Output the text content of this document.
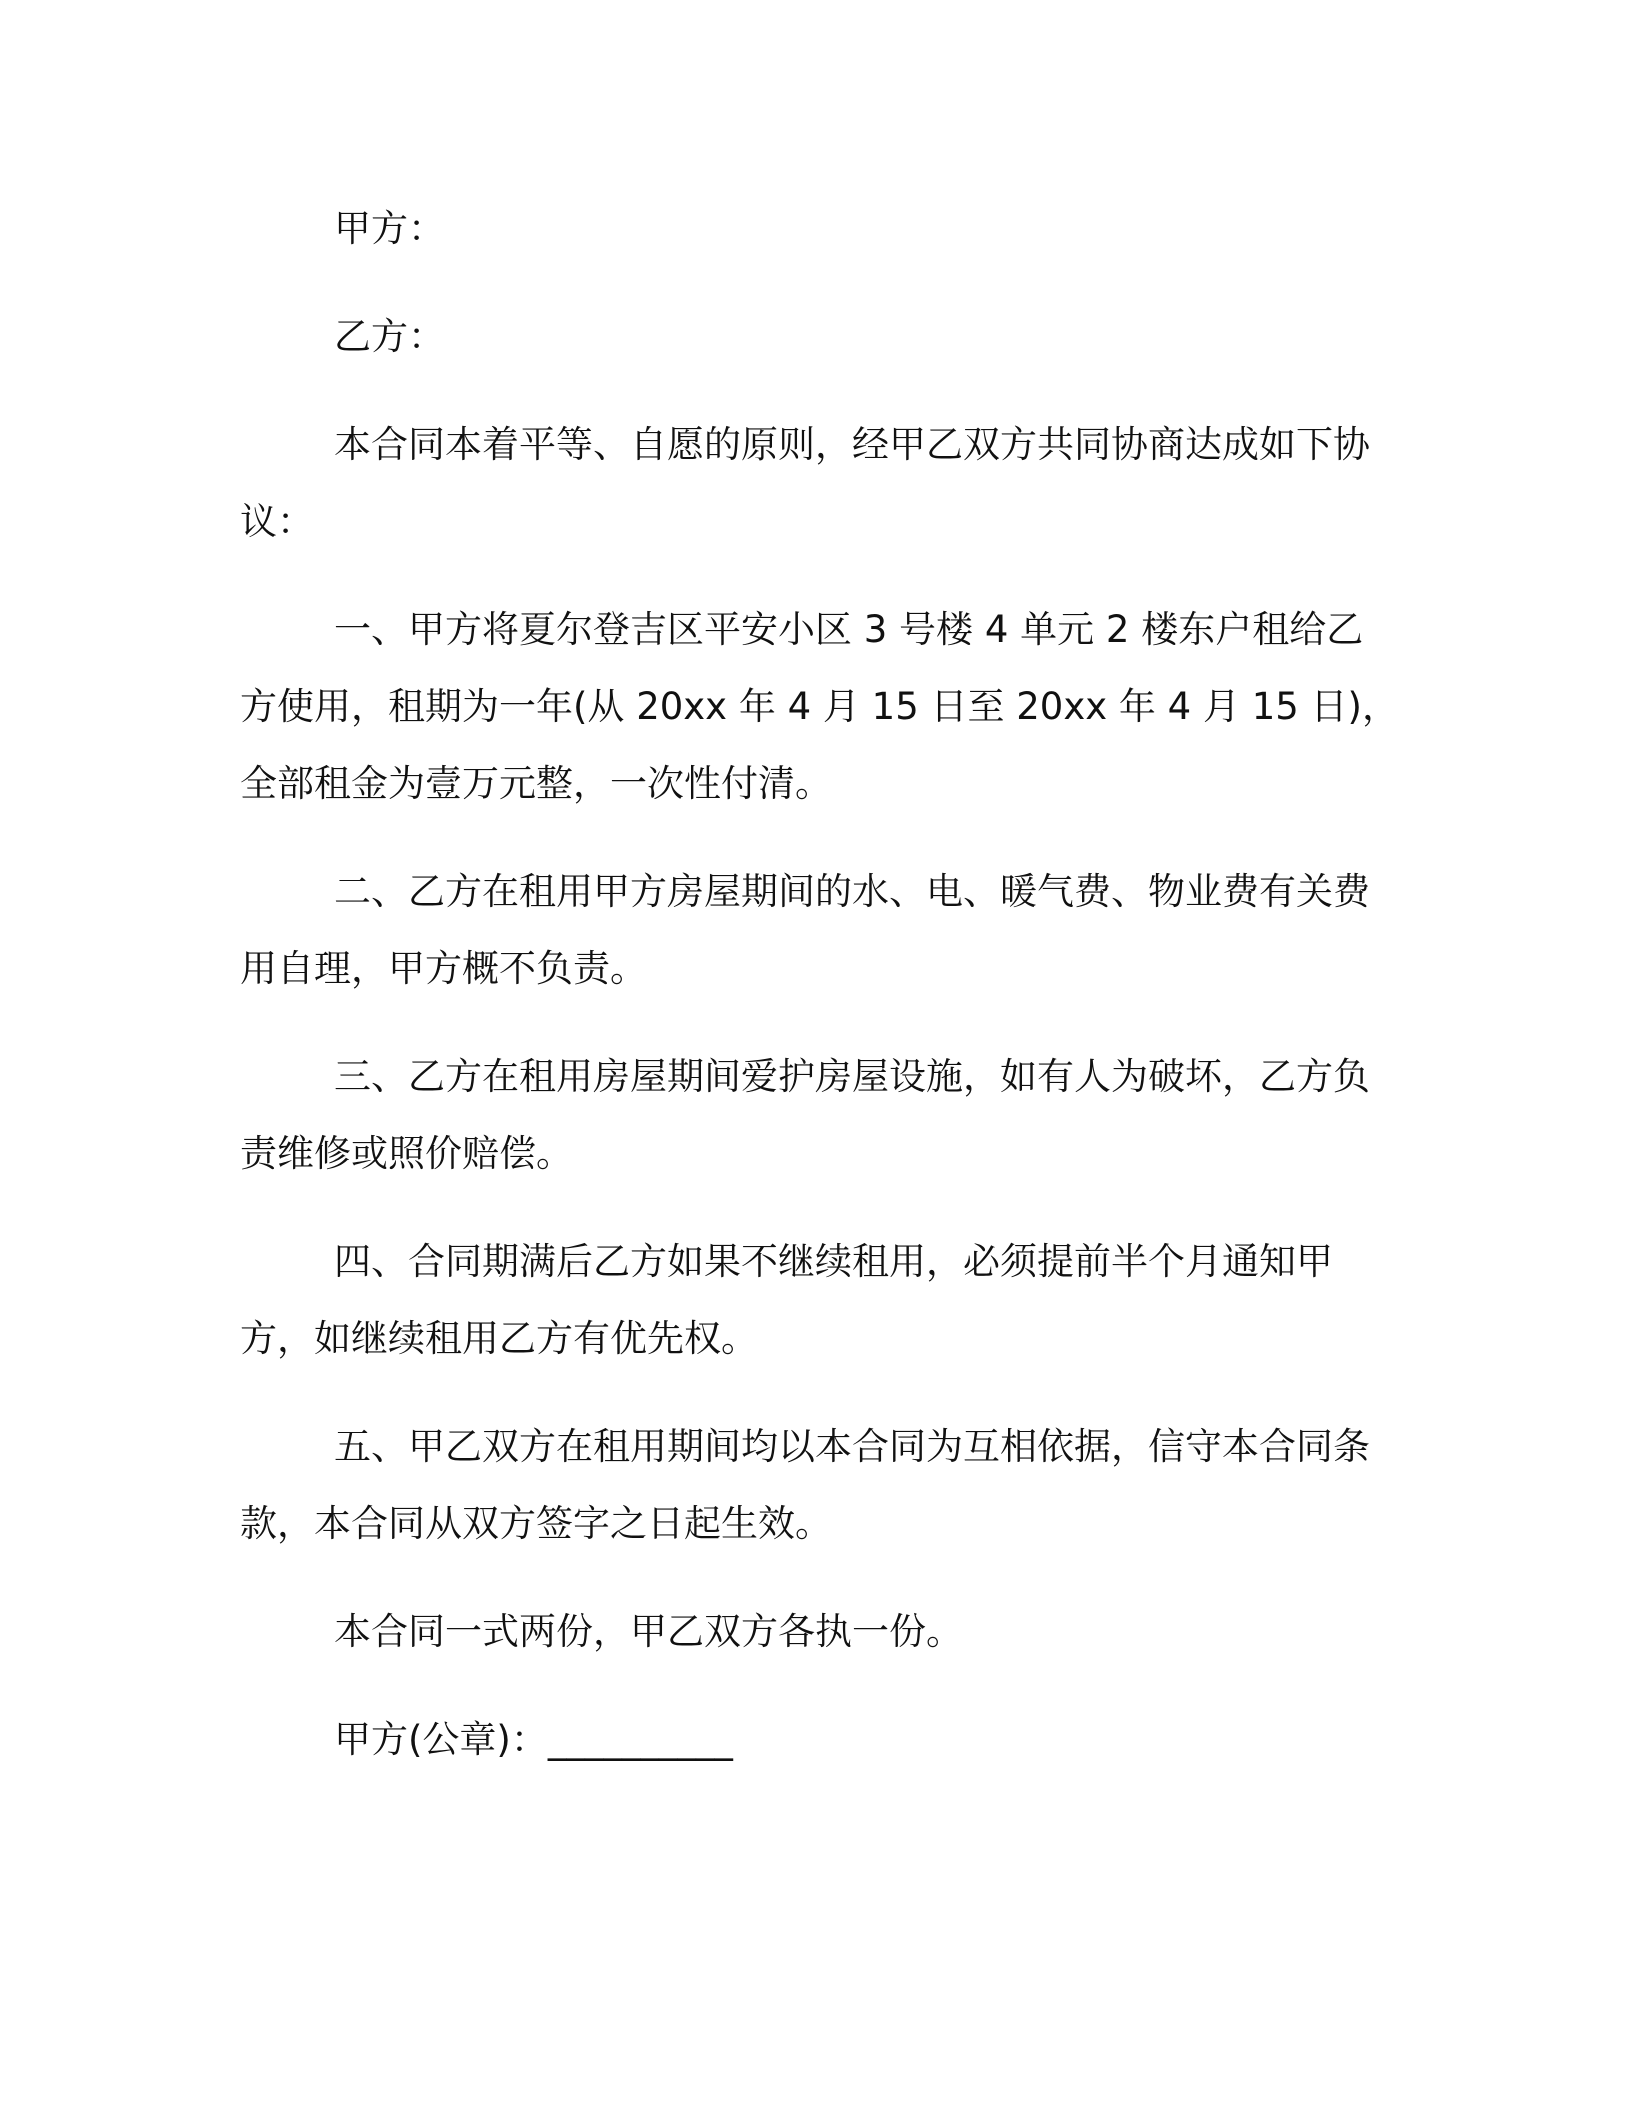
甲方：

乙方：

本合同本着平等、自愿的原则，经甲乙双方共同协商达成如下协议：

一、甲方将夏尔登吉区平安小区 3 号楼 4 单元 2 楼东户租给乙方使用，租期为一年(从 20xx 年 4 月 15 日至 20xx 年 4 月 15 日)，全部租金为壹万元整，一次性付清。

二、乙方在租用甲方房屋期间的水、电、暖气费、物业费有关费用自理，甲方概不负责。

三、乙方在租用房屋期间爱护房屋设施，如有人为破坏，乙方负责维修或照价赔偿。

四、合同期满后乙方如果不继续租用，必须提前半个月通知甲方，如继续租用乙方有优先权。

五、甲乙双方在租用期间均以本合同为互相依据，信守本合同条款，本合同从双方签字之日起生效。

本合同一式两份，甲乙双方各执一份。

甲方(公章)：__________
